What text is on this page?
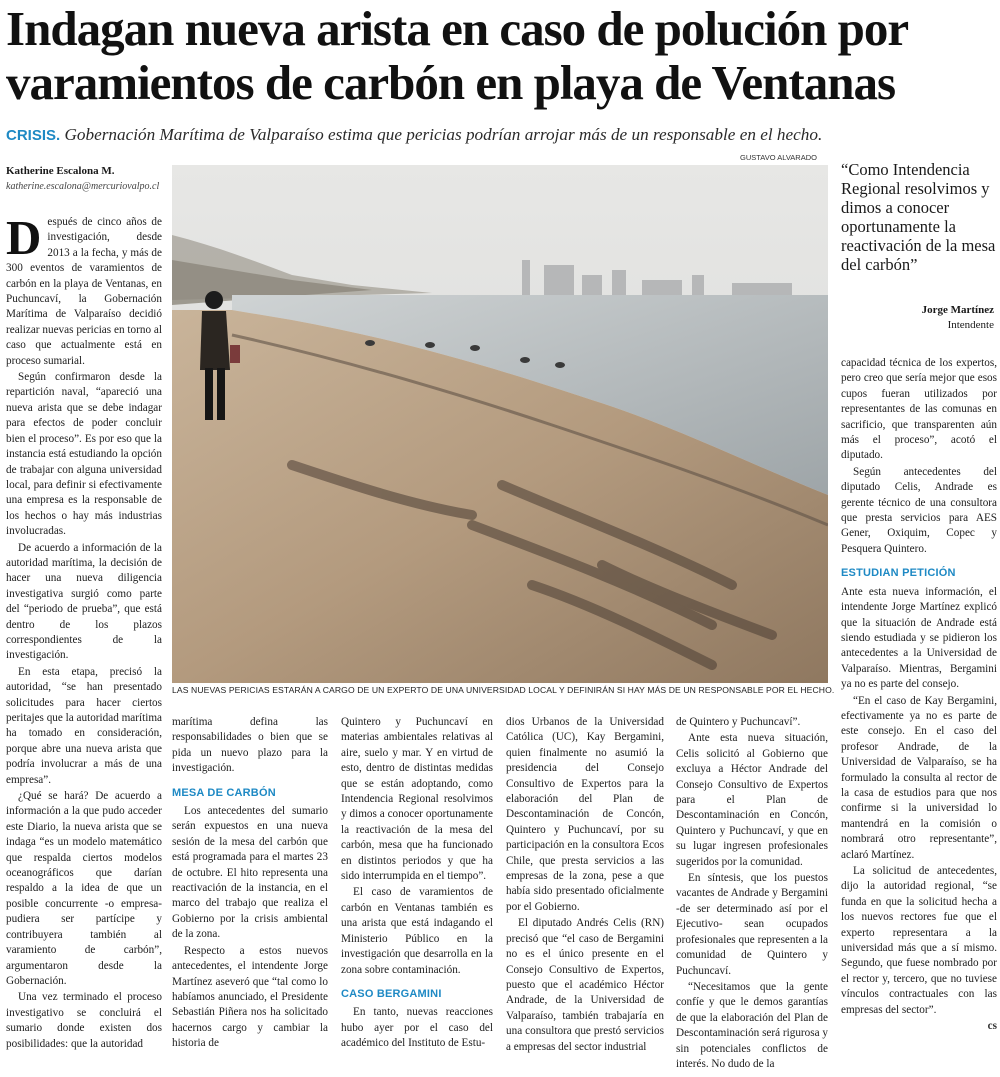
Indagan nueva arista en caso de polución por
varamientos de carbón en playa de Ventanas
CRISIS. Gobernación Marítima de Valparaíso estima que pericias podrían arrojar más de un responsable en el hecho.
Katherine Escalona M.
katherine.escalona@mercuriovalpo.cl
GUSTAVO ALVARADO

Después de cinco años de investigación, desde 2013 a la fecha, y más de 300 eventos de varamientos de carbón en la playa de Ventanas, en Puchuncaví, la Gobernación Marítima de Valparaíso decidió realizar nuevas pericias en torno al caso que actualmente está en proceso sumarial.

Según confirmaron desde la repartición naval, “apareció una nueva arista que se debe indagar para efectos de poder concluir bien el proceso”. Es por eso que la instancia está estudiando la opción de trabajar con alguna universidad local, para definir si efectivamente una empresa es la responsable de los hechos o hay más industrias involucradas.

De acuerdo a información de la autoridad marítima, la decisión de hacer una nueva diligencia investigativa surgió como parte del “periodo de prueba”, que está dentro de los plazos correspondientes de la investigación.

En esta etapa, precisó la autoridad, “se han presentado solicitudes para hacer ciertos peritajes que la autoridad marítima ha tomado en consideración, porque abre una nueva arista que podría involucrar a más de una empresa”.

¿Qué se hará? De acuerdo a información a la que pudo acceder este Diario, la nueva arista que se indaga “es un modelo matemático que respalda ciertos modelos oceanográficos que darían respaldo a la idea de que un posible concurrente -o empresa- pudiera ser partícipe y contribuyera también al varamiento de carbón”, argumentaron desde la Gobernación.

Una vez terminado el proceso investigativo se concluirá el sumario donde existen dos posibilidades: que la autoridad

LAS NUEVAS PERICIAS ESTARÁN A CARGO DE UN EXPERTO DE UNA UNIVERSIDAD LOCAL Y DEFINIRÁN SI HAY MÁS DE UN RESPONSABLE POR EL HECHO.
“Como Intendencia Regional resolvimos y dimos a conocer oportunamente la reactivación de la mesa del carbón”
Jorge Martínez
Intendente

marítima defina las responsabilidades o bien que se pida un nuevo plazo para la investigación.

MESA DE CARBÓN

Los antecedentes del sumario serán expuestos en una nueva sesión de la mesa del carbón que está programada para el martes 23 de octubre. El hito representa una reactivación de la instancia, en el marco del trabajo que realiza el Gobierno por la crisis ambiental de la zona.

Respecto a estos nuevos antecedentes, el intendente Jorge Martínez aseveró que “tal como lo habíamos anunciado, el Presidente Sebastián Piñera nos ha solicitado hacernos cargo y cambiar la historia de

Quintero y Puchuncaví en materias ambientales relativas al aire, suelo y mar. Y en virtud de esto, dentro de distintas medidas que se están adoptando, como Intendencia Regional resolvimos y dimos a conocer oportunamente la reactivación de la mesa del carbón, mesa que ha funcionado en distintos periodos y que ha sido interrumpida en el tiempo”.

El caso de varamientos de carbón en Ventanas también es una arista que está indagando el Ministerio Público en la investigación que desarrolla en la zona sobre contaminación.

CASO BERGAMINI

En tanto, nuevas reacciones hubo ayer por el caso del académico del Instituto de Estu-

dios Urbanos de la Universidad Católica (UC), Kay Bergamini, quien finalmente no asumió la presidencia del Consejo Consultivo de Expertos para la elaboración del Plan de Descontaminación de Concón, Quintero y Puchuncaví, por su participación en la consultora Ecos Chile, que presta servicios a las empresas de la zona, pese a que había sido presentado oficialmente por el Gobierno.

El diputado Andrés Celis (RN) precisó que “el caso de Bergamini no es el único presente en el Consejo Consultivo de Expertos, puesto que el académico Héctor Andrade, de la Universidad de Valparaíso, también trabajaría en una consultora que prestó servicios a empresas del sector industrial

de Quintero y Puchuncaví”.

Ante esta nueva situación, Celis solicitó al Gobierno que excluya a Héctor Andrade del Consejo Consultivo de Expertos para el Plan de Descontaminación en Concón, Quintero y Puchuncaví, y que en su lugar ingresen profesionales sugeridos por la comunidad.

En síntesis, que los puestos vacantes de Andrade y Bergamini -de ser determinado así por el Ejecutivo- sean ocupados profesionales que representen a la comunidad de Quintero y Puchuncaví.

“Necesitamos que la gente confíe y que le demos garantías de que la elaboración del Plan de Descontaminación será rigurosa y sin potenciales conflictos de interés. No dudo de la

capacidad técnica de los expertos, pero creo que sería mejor que esos cupos fueran utilizados por representantes de las comunas en sacrificio, que transparenten aún más el proceso”, acotó el diputado.

Según antecedentes del diputado Celis, Andrade es gerente técnico de una consultora que presta servicios para AES Gener, Oxiquim, Copec y Pesquera Quintero.

ESTUDIAN PETICIÓN

Ante esta nueva información, el intendente Jorge Martínez explicó que la situación de Andrade está siendo estudiada y se pidieron los antecedentes a la Universidad de Valparaíso. Mientras, Bergamini ya no es parte del consejo.

“En el caso de Kay Bergamini, efectivamente ya no es parte de este consejo. En el caso del profesor Andrade, de la Universidad de Valparaíso, se ha formulado la consulta al rector de la casa de estudios para que nos confirme si la universidad lo mantendrá en la comisión o nombrará otro representante”, aclaró Martínez.

La solicitud de antecedentes, dijo la autoridad regional, “se funda en que la solicitud hecha a los nuevos rectores fue que el experto representara a la universidad más que a sí mismo. Segundo, que fuese nombrado por el rector y, tercero, que no tuviese vínculos contractuales con las empresas del sector”.

cs
